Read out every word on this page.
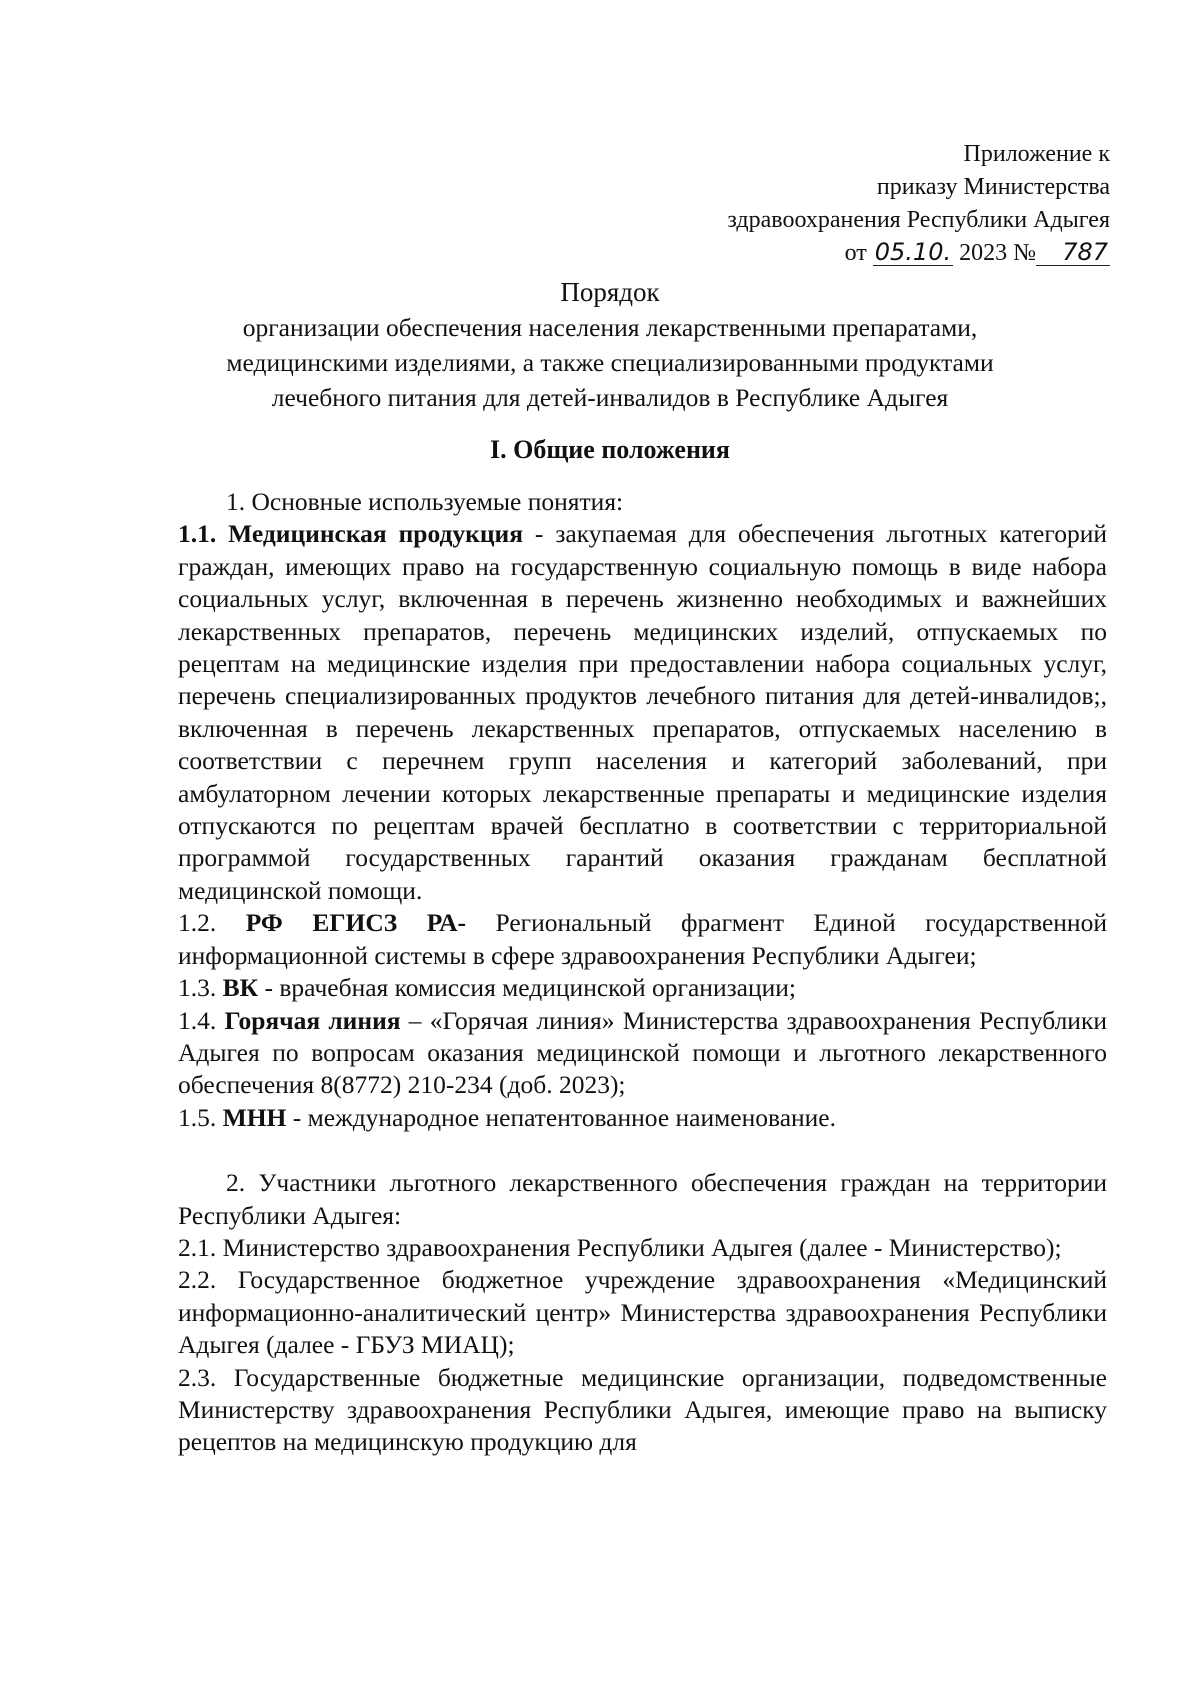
Приложение к
приказу Министерства
здравоохранения Республики Адыгея
от 05.10. 2023 № 787
Порядок
организации обеспечения населения лекарственными препаратами,
медицинскими изделиями, а также специализированными продуктами
лечебного питания для детей-инвалидов в Республике Адыгея
I. Общие положения

1. Основные используемые понятия:

1.1. Медицинская продукция - закупаемая для обеспечения льготных категорий граждан, имеющих право на государственную социальную помощь в виде набора социальных услуг, включенная в перечень жизненно необходимых и важнейших лекарственных препаратов, перечень медицинских изделий, отпускаемых по рецептам на медицинские изделия при предоставлении набора социальных услуг, перечень специализированных продуктов лечебного питания для детей-инвалидов;, включенная в перечень лекарственных препаратов, отпускаемых населению в соответствии с перечнем групп населения и категорий заболеваний, при амбулаторном лечении которых лекарственные препараты и медицинские изделия отпускаются по рецептам врачей бесплатно в соответствии с территориальной программой государственных гарантий оказания гражданам бесплатной медицинской помощи.

1.2. РФ ЕГИСЗ РА- Региональный фрагмент Единой государственной информационной системы в сфере здравоохранения Республики Адыгеи;

1.3. ВК - врачебная комиссия медицинской организации;

1.4. Горячая линия – «Горячая линия» Министерства здравоохранения Республики Адыгея по вопросам оказания медицинской помощи и льготного лекарственного обеспечения 8(8772) 210-234 (доб. 2023);

1.5. МНН - международное непатентованное наименование.

2. Участники льготного лекарственного обеспечения граждан на территории Республики Адыгея:

2.1. Министерство здравоохранения Республики Адыгея (далее - Министерство);

2.2. Государственное бюджетное учреждение здравоохранения «Медицинский информационно-аналитический центр» Министерства здравоохранения Республики Адыгея (далее - ГБУЗ МИАЦ);

2.3. Государственные бюджетные медицинские организации, подведомственные Министерству здравоохранения Республики Адыгея, имеющие право на выписку рецептов на медицинскую продукцию для
